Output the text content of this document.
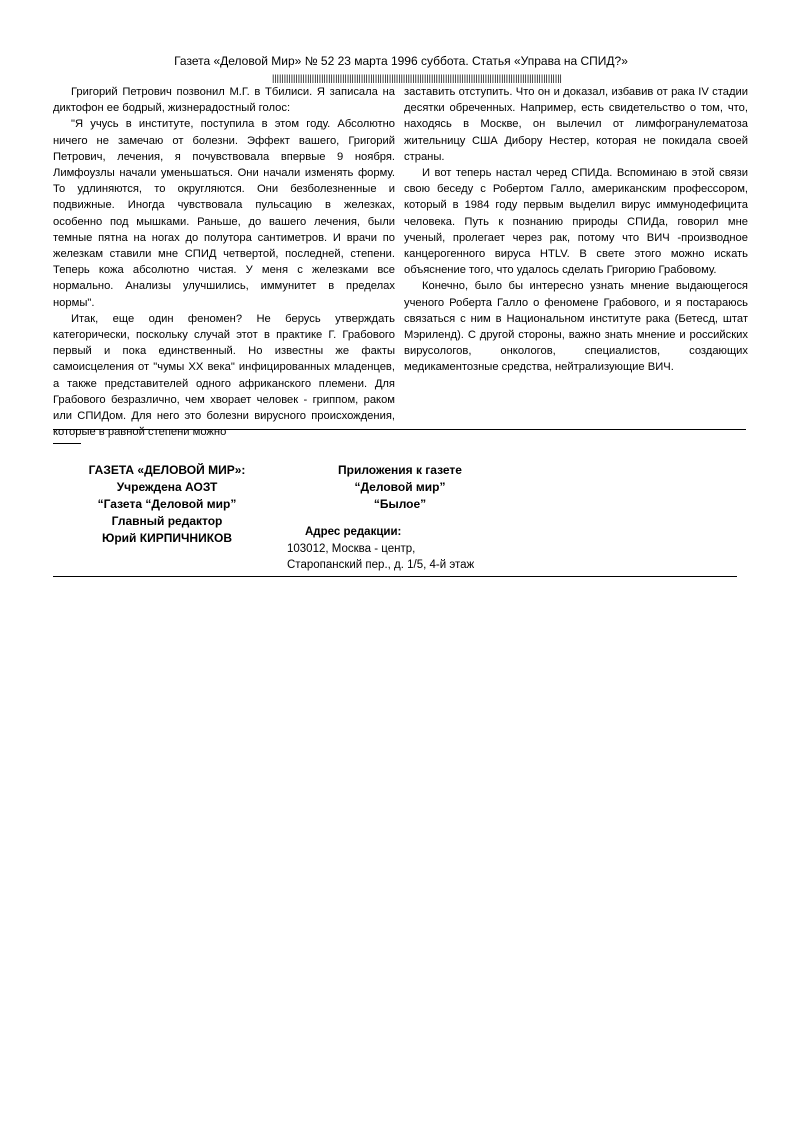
Газета «Деловой Мир» № 52 23 марта 1996 суббота. Статья «Управа на СПИД?»
||||||||||||||||||||||||||||||||||||||||||||||||||||||||||||||||||||||||||||||||||||||||||||||||||||||||||||||||||||||||||||

Григорий Петрович позвонил М.Г. в Тбилиси. Я записала на диктофон ее бодрый, жизнерадостный голос:

"Я учусь в институте, поступила в этом году. Абсолютно ничего не замечаю от болезни. Эффект вашего, Григорий Петрович, лечения, я почувствовала впервые 9 ноября. Лимфоузлы начали уменьшаться. Они начали изменять форму. То удлиняются, то округляются. Они безболезненные и подвижные. Иногда чувствовала пульсацию в железках, особенно под мышками. Раньше, до вашего лечения, были темные пятна на ногах до полутора сантиметров. И врачи по железкам ставили мне СПИД четвертой, последней, степени. Теперь кожа абсолютно чистая. У меня с железками все нормально. Анализы улучшились, иммунитет в пределах нормы".

Итак, еще один феномен? Не берусь утверждать категорически, поскольку случай этот в практике Г. Грабового первый и пока единственный. Но известны же факты самоисцеления от "чумы XX века" инфицированных младенцев, а также представителей одного африканского племени. Для Грабового безразлично, чем хворает человек - гриппом, раком или СПИДом. Для него это болезни вирусного происхождения, которые в равной степени можно

заставить отступить. Что он и доказал, избавив от рака IV стадии десятки обреченных. Например, есть свидетельство о том, что, находясь в Москве, он вылечил от лимфогранулематоза жительницу США Дибору Нестер, которая не покидала своей страны.

И вот теперь настал черед СПИДа. Вспоминаю в этой связи свою беседу с Робертом Галло, американским профессором, который в 1984 году первым выделил вирус иммунодефицита человека. Путь к познанию природы СПИДа, говорил мне ученый, пролегает через рак, потому что ВИЧ -производное канцерогенного вируса HTLV. В свете этого можно искать объяснение того, что удалось сделать Григорию Грабовому.

Конечно, было бы интересно узнать мнение выдающегося ученого Роберта Галло о феномене Грабового, и я постараюсь связаться с ним в Национальном институте рака (Бетесд, штат Мэриленд). С другой стороны, важно знать мнение и российских вирусологов, онкологов, специалистов, создающих медикаментозные средства, нейтрализующие ВИЧ.

ГАЗЕТА «ДЕЛОВОЙ МИР»:
Учреждена АОЗТ
“Газета “Деловой мир”
Главный редактор
Юрий КИРПИЧНИКОВ
Приложения к газете
“Деловой мир”
“Былое”
Адрес редакции:
103012, Москва - центр,
Старопанский пер., д. 1/5, 4-й этаж
